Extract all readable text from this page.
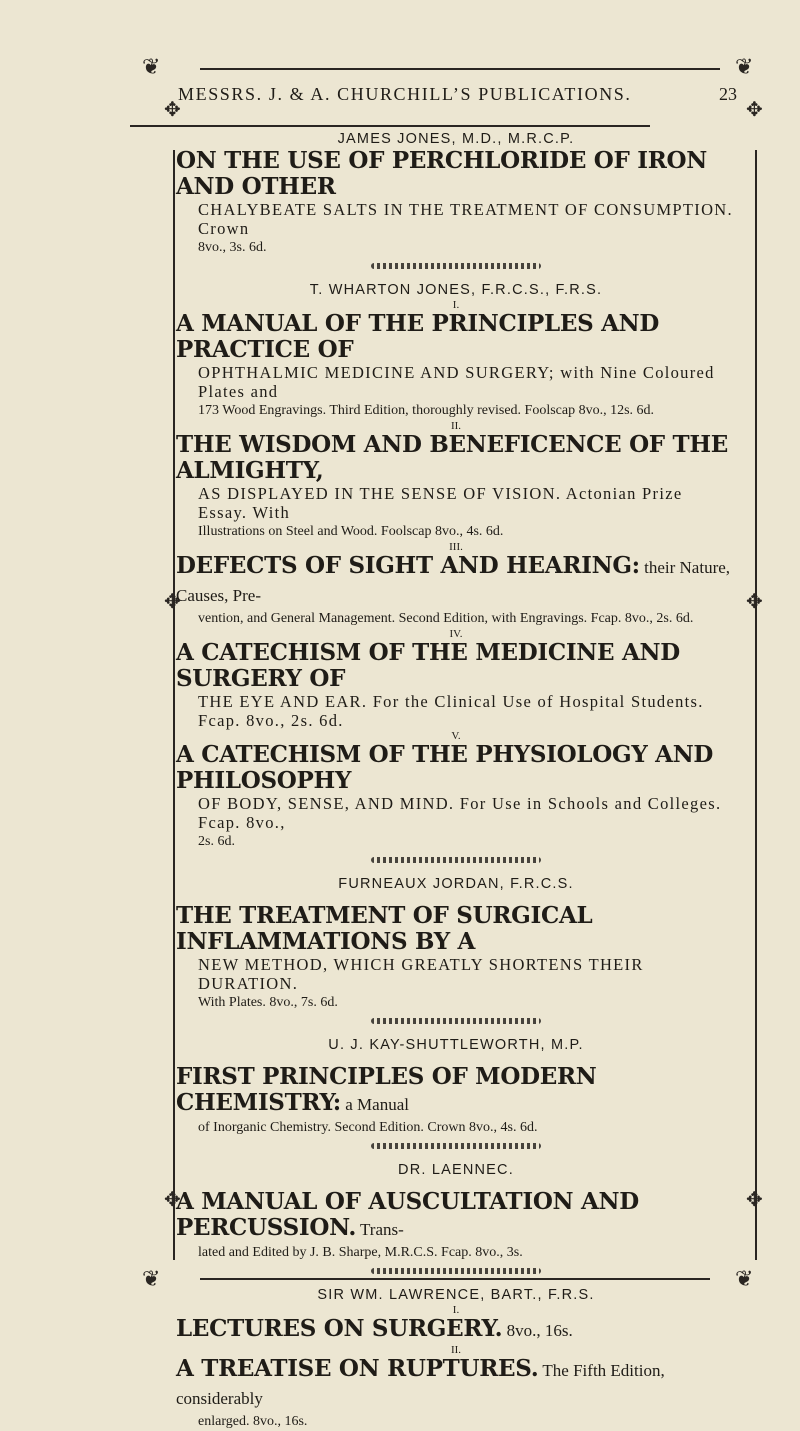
❦	❦
❦	❦
✥	✥
✥	✥
✥	✥
MESSRS. J. & A. CHURCHILL’S PUBLICATIONS.	23

JAMES JONES, M.D., M.R.C.P.

ON THE USE OF PERCHLORIDE OF IRON AND OTHER

CHALYBEATE SALTS IN THE TREATMENT OF CONSUMPTION. Crown

8vo., 3s. 6d.

T. WHARTON JONES, F.R.C.S., F.R.S.

I.

A MANUAL OF THE PRINCIPLES AND PRACTICE OF

OPHTHALMIC MEDICINE AND SURGERY; with Nine Coloured Plates and

173 Wood Engravings. Third Edition, thoroughly revised. Foolscap 8vo., 12s. 6d.

II.

THE WISDOM AND BENEFICENCE OF THE ALMIGHTY,

AS DISPLAYED IN THE SENSE OF VISION. Actonian Prize Essay. With

Illustrations on Steel and Wood. Foolscap 8vo., 4s. 6d.

III.

DEFECTS OF SIGHT AND HEARING: their Nature, Causes, Pre-

vention, and General Management. Second Edition, with Engravings. Fcap. 8vo., 2s. 6d.

IV.

A CATECHISM OF THE MEDICINE AND SURGERY OF

THE EYE AND EAR. For the Clinical Use of Hospital Students. Fcap. 8vo., 2s. 6d.

V.

A CATECHISM OF THE PHYSIOLOGY AND PHILOSOPHY

OF BODY, SENSE, AND MIND. For Use in Schools and Colleges. Fcap. 8vo.,

2s. 6d.

FURNEAUX JORDAN, F.R.C.S.

THE TREATMENT OF SURGICAL INFLAMMATIONS BY A

NEW METHOD, WHICH GREATLY SHORTENS THEIR DURATION.

With Plates. 8vo., 7s. 6d.

U. J. KAY-SHUTTLEWORTH, M.P.

FIRST PRINCIPLES OF MODERN CHEMISTRY: a Manual

of Inorganic Chemistry. Second Edition. Crown 8vo., 4s. 6d.

DR. LAENNEC.

A MANUAL OF AUSCULTATION AND PERCUSSION. Trans-

lated and Edited by J. B. Sharpe, M.R.C.S. Fcap. 8vo., 3s.

SIR WM. LAWRENCE, BART., F.R.S.

I.

LECTURES ON SURGERY. 8vo., 16s.

II.

A TREATISE ON RUPTURES. The Fifth Edition, considerably

enlarged. 8vo., 16s.
